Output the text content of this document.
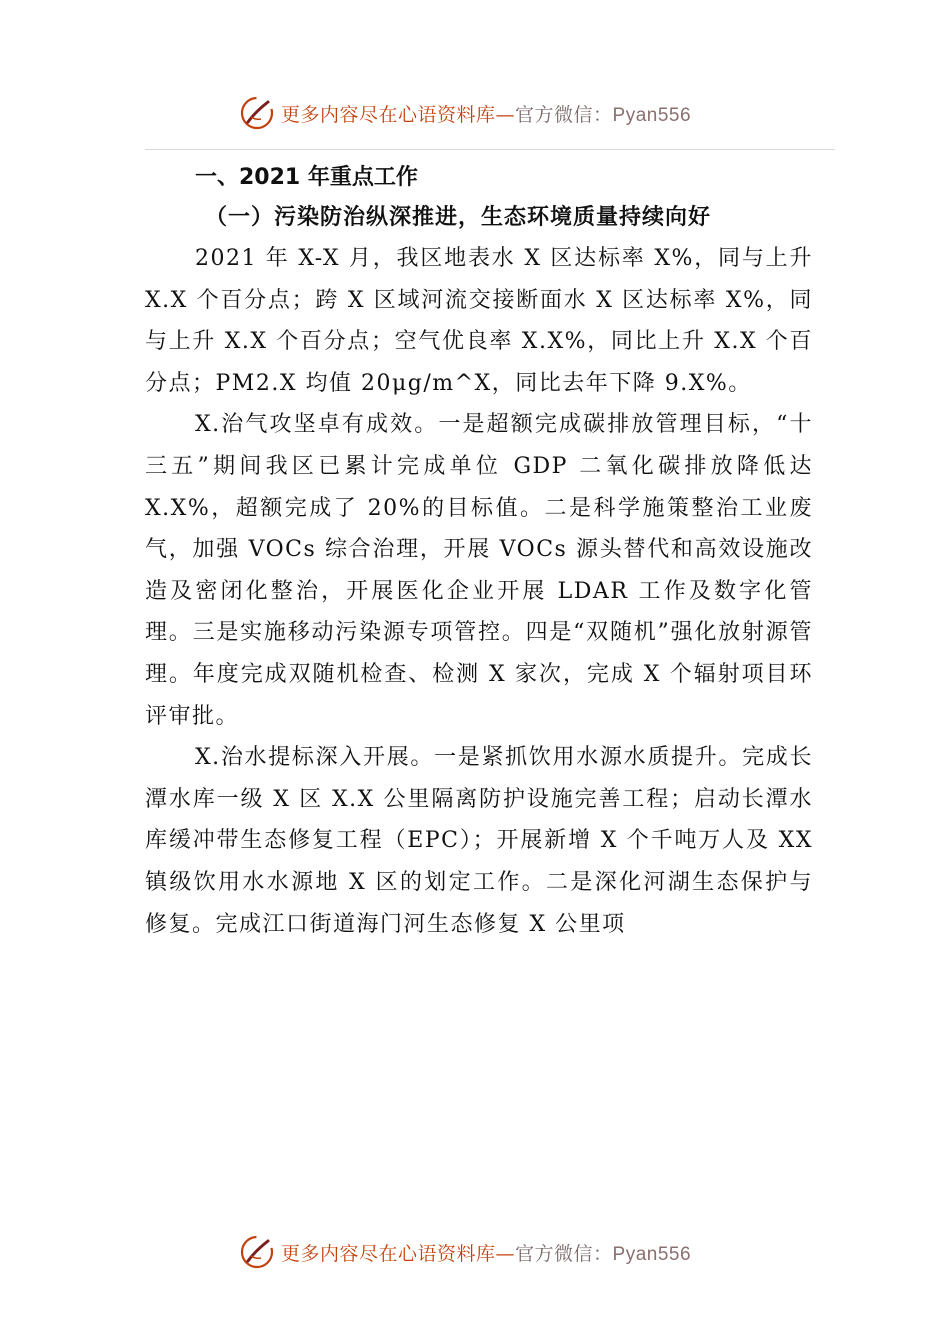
更多内容尽在心语资料库—官方微信：Pyan556

一、2021 年重点工作

（一）污染防治纵深推进，生态环境质量持续向好

2021 年 X-X 月，我区地表水 X 区达标率 X%，同与上升 X.X 个百分点；跨 X 区域河流交接断面水 X 区达标率 X%，同与上升 X.X 个百分点；空气优良率 X.X%，同比上升 X.X 个百分点；PM2.X 均值 20μg/m^X，同比去年下降 9.X%。

X.治气攻坚卓有成效。一是超额完成碳排放管理目标，“十三五”期间我区已累计完成单位 GDP 二氧化碳排放降低达 X.X%，超额完成了 20%的目标值。二是科学施策整治工业废气，加强 VOCs 综合治理，开展 VOCs 源头替代和高效设施改造及密闭化整治，开展医化企业开展 LDAR 工作及数字化管理。三是实施移动污染源专项管控。四是“双随机”强化放射源管理。年度完成双随机检查、检测 X 家次，完成 X 个辐射项目环评审批。

X.治水提标深入开展。一是紧抓饮用水源水质提升。完成长潭水库一级 X 区 X.X 公里隔离防护设施完善工程；启动长潭水库缓冲带生态修复工程（EPC）；开展新增 X 个千吨万人及 XX 镇级饮用水水源地 X 区的划定工作。二是深化河湖生态保护与修复。完成江口街道海门河生态修复 X 公里项

更多内容尽在心语资料库—官方微信：Pyan556
